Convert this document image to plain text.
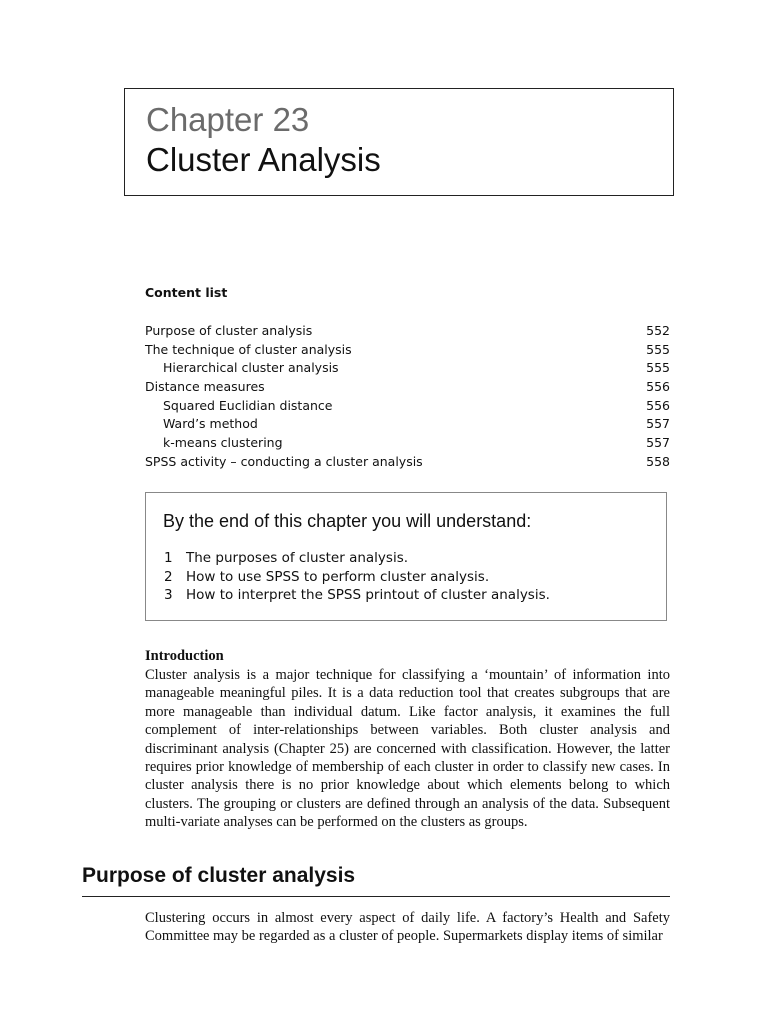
Chapter 23
Cluster Analysis
Content list
Purpose of cluster analysis	552
The technique of cluster analysis	555
Hierarchical cluster analysis	555
Distance measures	556
Squared Euclidian distance	556
Ward’s method	557
k-means clustering	557
SPSS activity – conducting a cluster analysis	558
By the end of this chapter you will understand:
1 The purposes of cluster analysis.
2 How to use SPSS to perform cluster analysis.
3 How to interpret the SPSS printout of cluster analysis.
Introduction

Cluster analysis is a major technique for classifying a ‘mountain’ of information into manageable meaningful piles. It is a data reduction tool that creates subgroups that are more manageable than individual datum. Like factor analysis, it examines the full complement of inter-relationships between variables. Both cluster analysis and discriminant analysis (Chapter 25) are concerned with classification. However, the latter requires prior knowledge of membership of each cluster in order to classify new cases. In cluster analysis there is no prior knowledge about which elements belong to which clusters. The grouping or clusters are defined through an analysis of the data. Subsequent multi-variate analyses can be performed on the clusters as groups.

Purpose of cluster analysis

Clustering occurs in almost every aspect of daily life. A factory’s Health and Safety Committee may be regarded as a cluster of people. Supermarkets display items of similar
